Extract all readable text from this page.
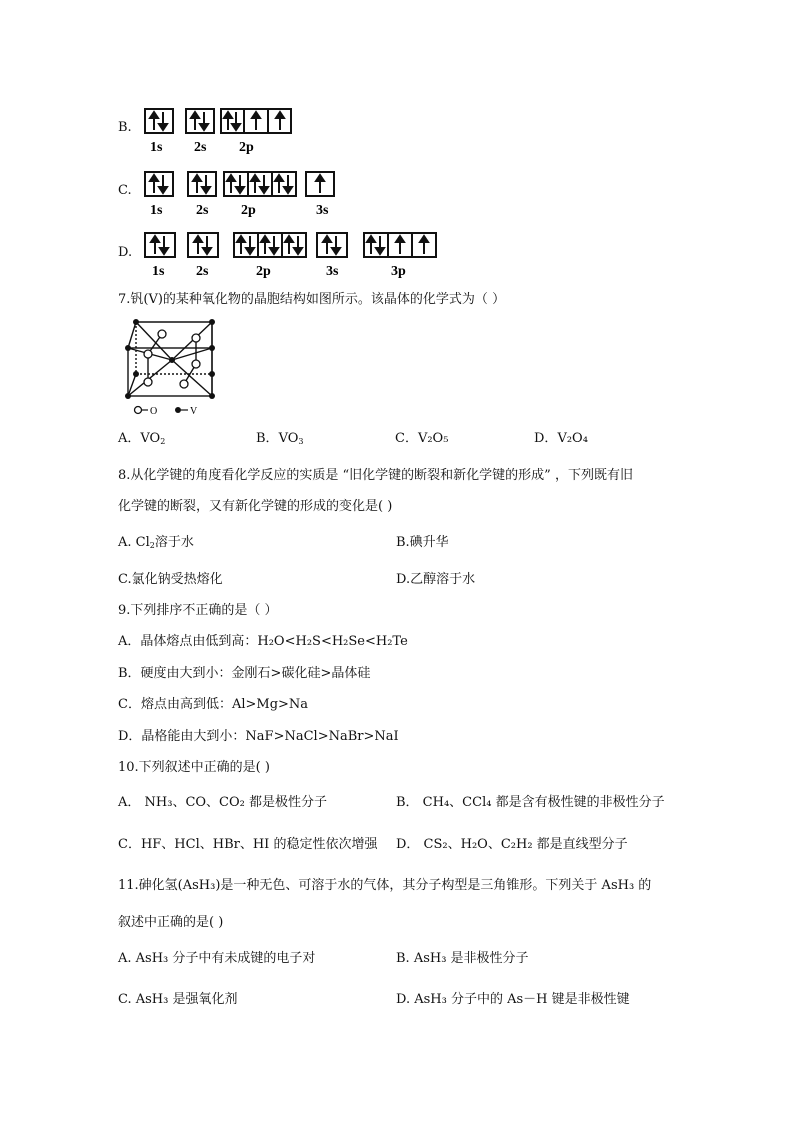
B.
1s 2s 2p
C.
1s 2s 2p	3s
D.
1s 2s	2p	3s	3p
7.钒(V)的某种氧化物的晶胞结构如图所示。该晶体的化学式为（ ）
O	V
A．$VO_2$	B．$VO_3$	C．V₂O₅	D．V₂O₄
8.从化学键的角度看化学反应的实质是 “旧化学键的断裂和新化学键的形成” ，下列既有旧
化学键的断裂，又有新化学键的形成的变化是( )
A. $Cl_2$溶于水	B.碘升华
C.氯化钠受热熔化	D.乙醇溶于水
9.下列排序不正确的是（ ）
A．晶体熔点由低到高：H₂O<H₂S<H₂Se<H₂Te
B．硬度由大到小：金刚石>碳化硅>晶体硅
C．熔点由高到低：Al>Mg>Na
D．晶格能由大到小：NaF>NaCl>NaBr>NaI
10.下列叙述中正确的是( )
A． NH₃、CO、CO₂ 都是极性分子	B． CH₄、CCl₄ 都是含有极性键的非极性分子
C．HF、HCl、HBr、HI 的稳定性依次增强 D． CS₂、H₂O、C₂H₂ 都是直线型分子
11.砷化氢(AsH₃)是一种无色、可溶于水的气体，其分子构型是三角锥形。下列关于 AsH₃ 的
叙述中正确的是( )
A. AsH₃ 分子中有未成键的电子对	B. AsH₃ 是非极性分子
C. AsH₃ 是强氧化剂	D. AsH₃ 分子中的 As－H 键是非极性键
